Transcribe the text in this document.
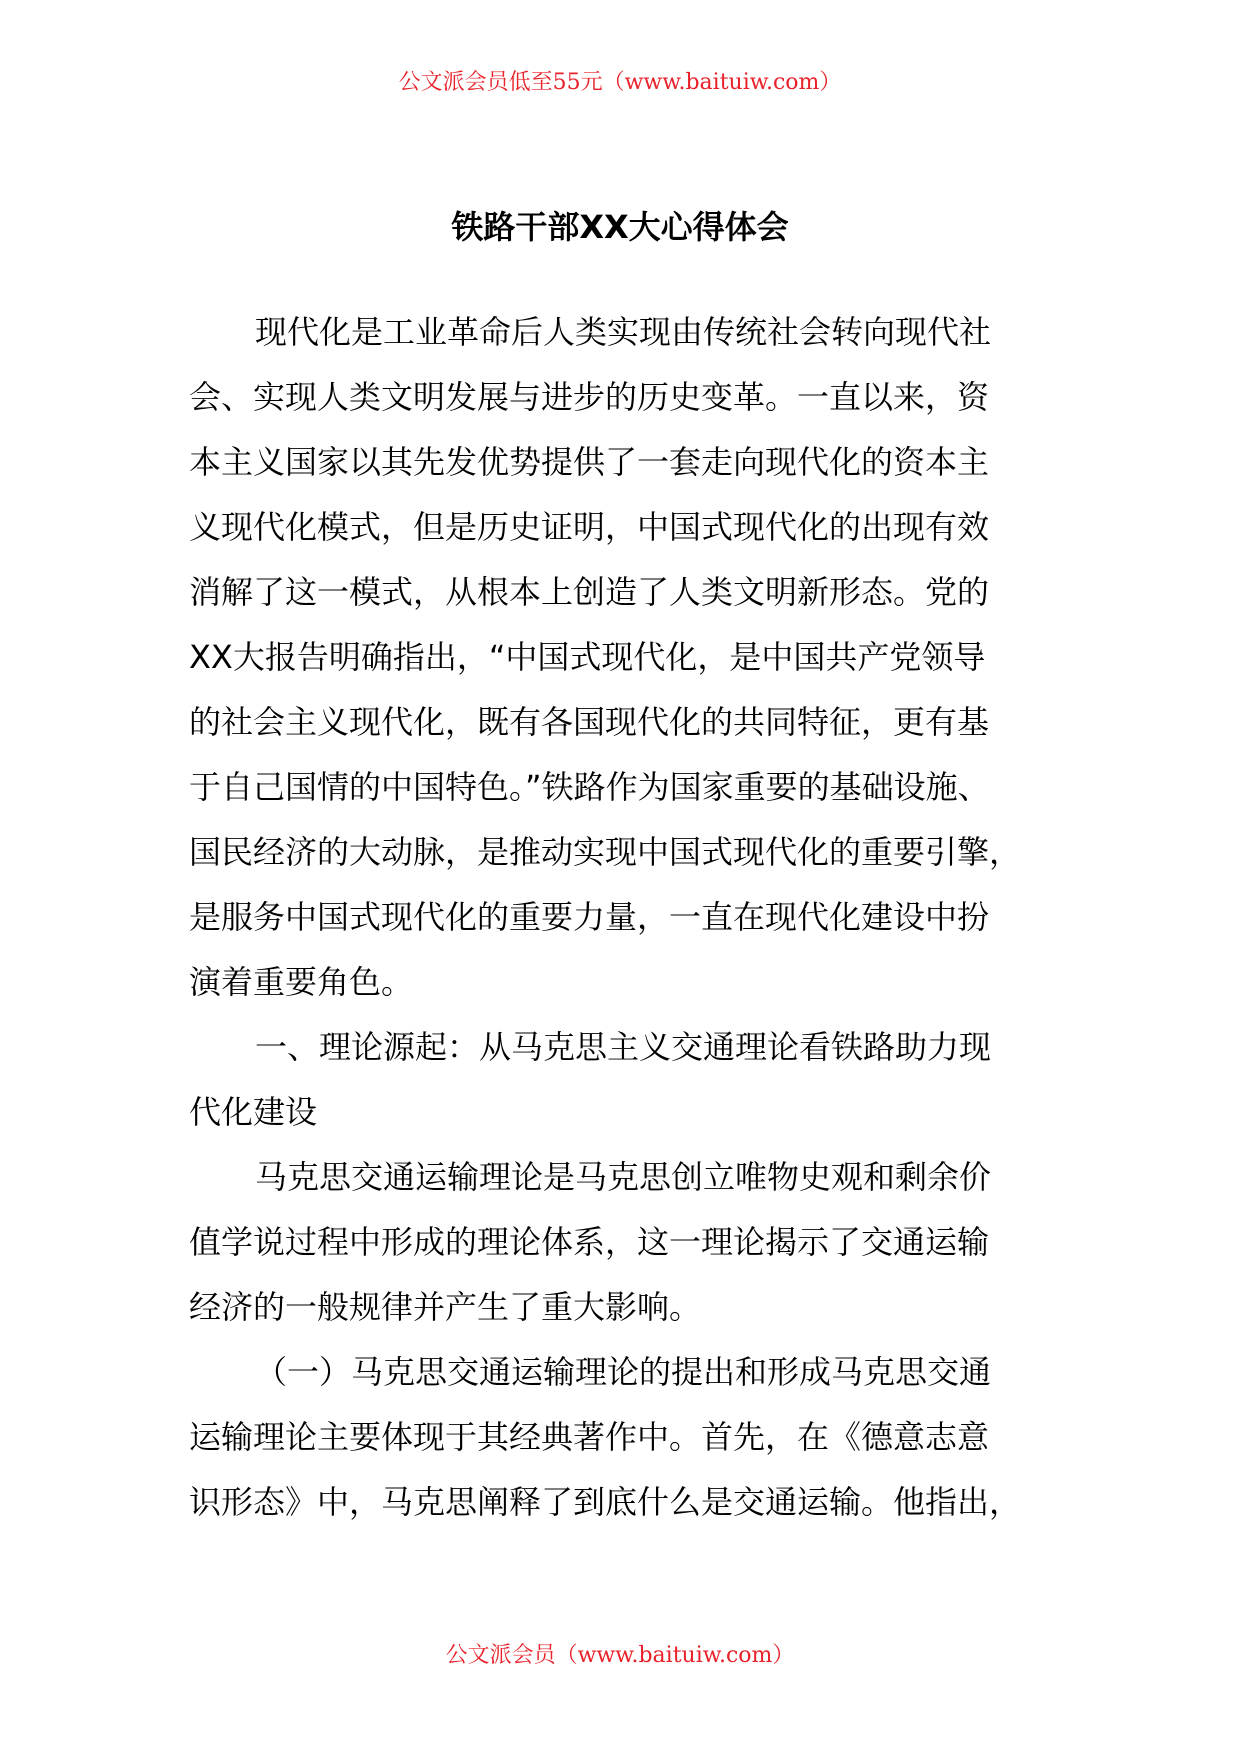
公文派会员低至55元（www.baituiw.com）
铁路干部XX大心得体会
现代化是工业革命后人类实现由传统社会转向现代社
会、实现人类文明发展与进步的历史变革。一直以来，资
本主义国家以其先发优势提供了一套走向现代化的资本主
义现代化模式，但是历史证明，中国式现代化的出现有效
消解了这一模式，从根本上创造了人类文明新形态。党的
XX大报告明确指出，“中国式现代化，是中国共产党领导
的社会主义现代化，既有各国现代化的共同特征，更有基
于自己国情的中国特色。”铁路作为国家重要的基础设施、
国民经济的大动脉，是推动实现中国式现代化的重要引擎，
是服务中国式现代化的重要力量，一直在现代化建设中扮
演着重要角色。
一、理论源起：从马克思主义交通理论看铁路助力现
代化建设
马克思交通运输理论是马克思创立唯物史观和剩余价
值学说过程中形成的理论体系，这一理论揭示了交通运输
经济的一般规律并产生了重大影响。
（一）马克思交通运输理论的提出和形成马克思交通
运输理论主要体现于其经典著作中。首先，在《德意志意
识形态》中，马克思阐释了到底什么是交通运输。他指出，
公文派会员（www.baituiw.com）
